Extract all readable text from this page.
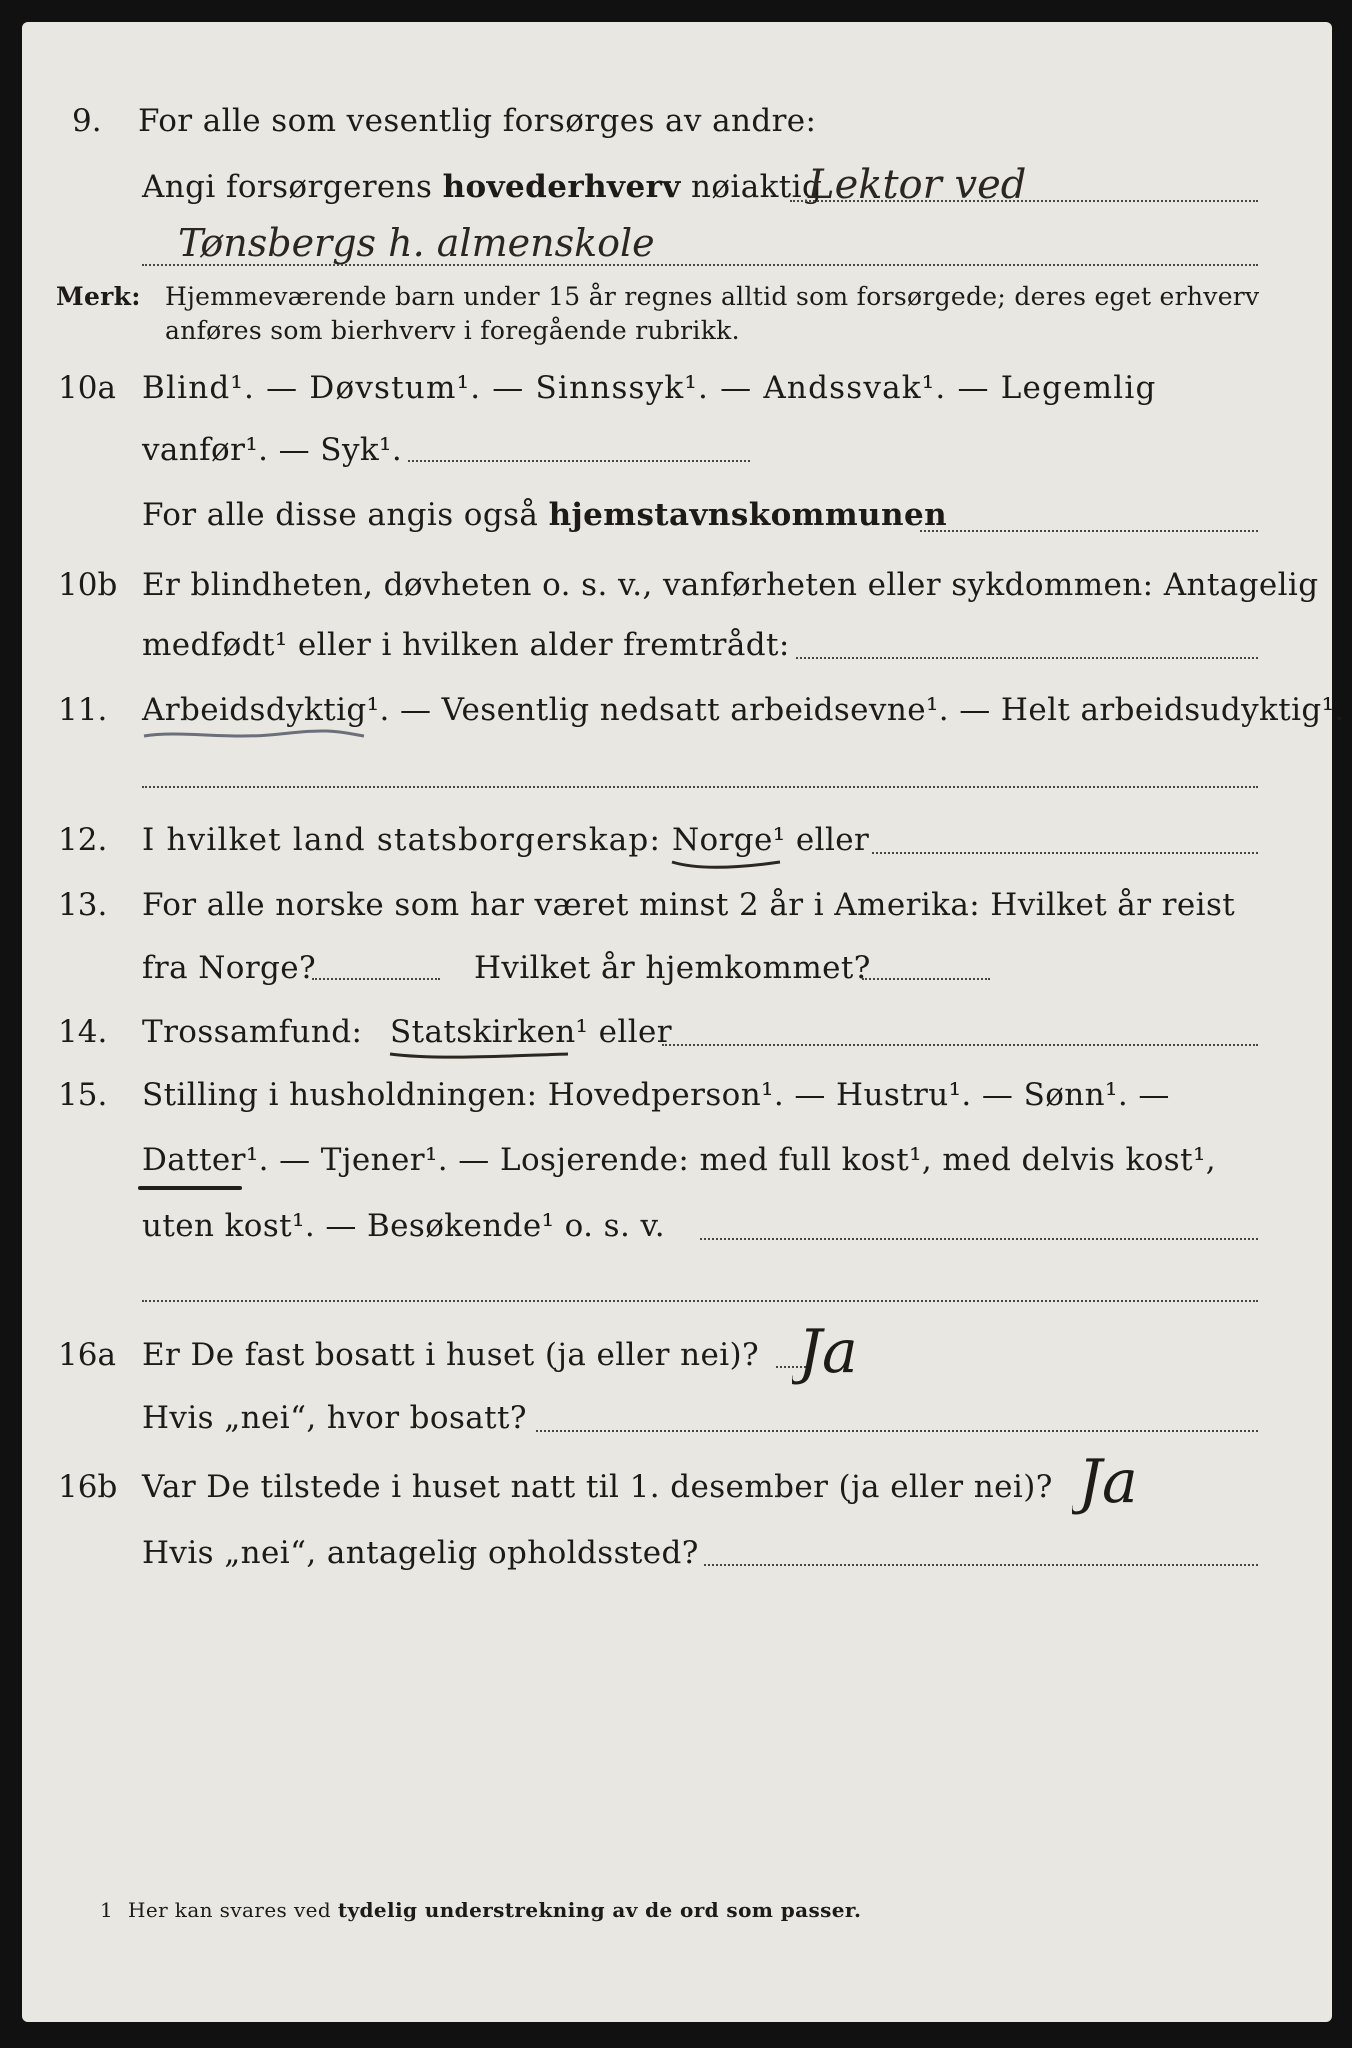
9. For alle som vesentlig forsørges av andre:
Angi forsørgerens hovederhverv nøiaktig
Lektor ved
Tønsbergs h. almenskole
Merk: Hjemmeværende barn under 15 år regnes alltid som forsørgede; deres eget erhverv
anføres som bierhverv i foregående rubrikk.
10a Blind¹. — Døvstum¹. — Sinnssyk¹. — Andssvak¹. — Legemlig
vanfør¹. — Syk¹.
For alle disse angis også hjemstavnskommunen
10b Er blindheten, døvheten o. s. v., vanførheten eller sykdommen: Antagelig
medfødt¹ eller i hvilken alder fremtrådt:
11. Arbeidsdyktig¹. — Vesentlig nedsatt arbeidsevne¹. — Helt arbeidsudyktig¹.
12. I hvilket land statsborgerskap: Norge¹ eller
13. For alle norske som har været minst 2 år i Amerika: Hvilket år reist
fra Norge?	Hvilket år hjemkommet?
14. Trossamfund: Statskirken¹ eller
15. Stilling i husholdningen: Hovedperson¹. — Hustru¹. — Sønn¹. —
Datter¹. — Tjener¹. — Losjerende: med full kost¹, med delvis kost¹,
uten kost¹. — Besøkende¹ o. s. v.
16a Er De fast bosatt i huset (ja eller nei)? Ja
Hvis „nei“, hvor bosatt?
16b Var De tilstede i huset natt til 1. desember (ja eller nei)? Ja
Hvis „nei“, antagelig opholdssted?
1 Her kan svares ved tydelig understrekning av de ord som passer.
